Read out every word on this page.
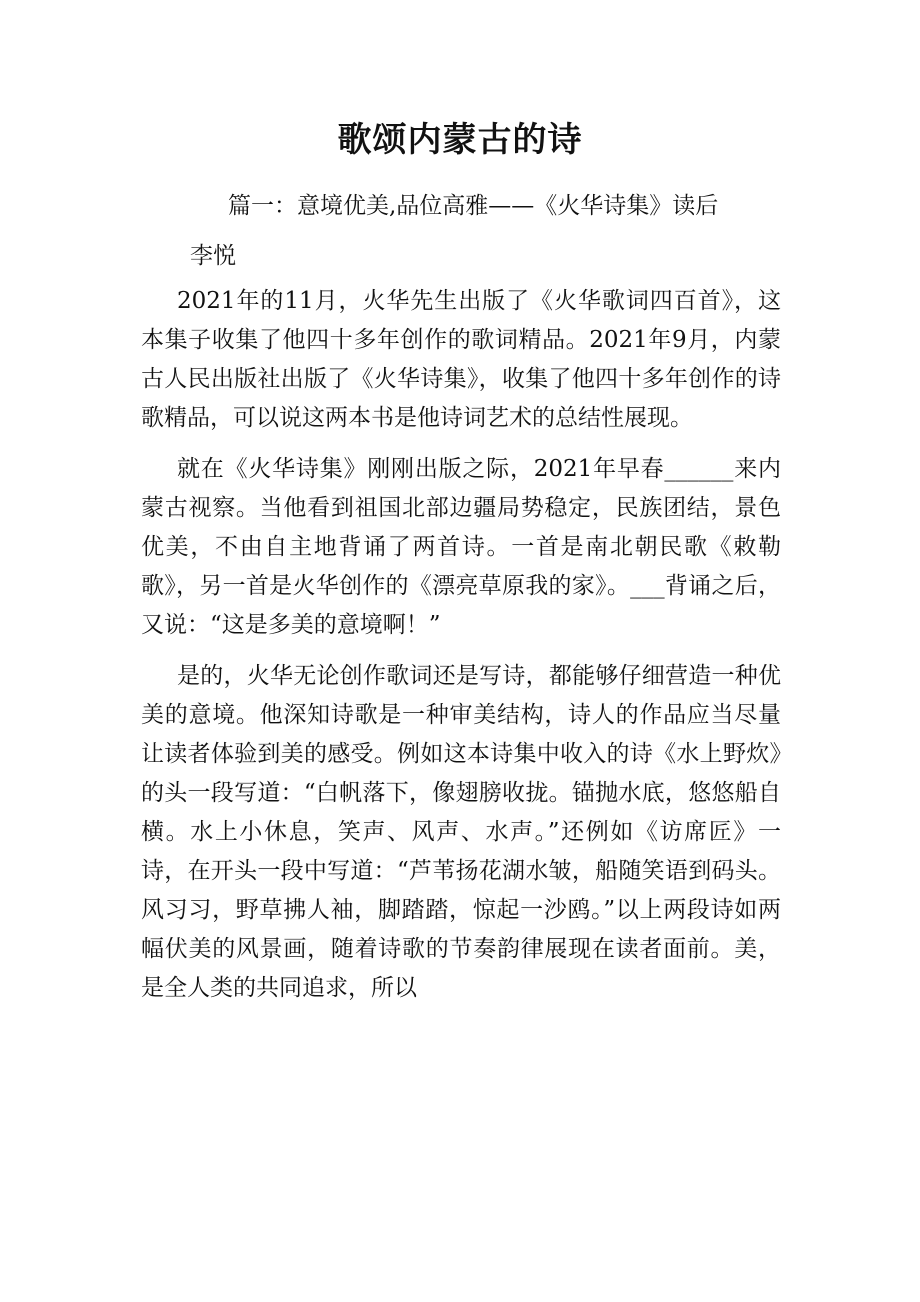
歌颂内蒙古的诗
篇一：意境优美,品位高雅——《火华诗集》读后
李悦

2021年的11月，火华先生出版了《火华歌词四百首》，这本集子收集了他四十多年创作的歌词精品。2021年9月，内蒙古人民出版社出版了《火华诗集》，收集了他四十多年创作的诗歌精品，可以说这两本书是他诗词艺术的总结性展现。

就在《火华诗集》刚刚出版之际，2021年早春______来内蒙古视察。当他看到祖国北部边疆局势稳定，民族团结，景色优美，不由自主地背诵了两首诗。一首是南北朝民歌《敕勒歌》，另一首是火华创作的《漂亮草原我的家》。___背诵之后，又说：“这是多美的意境啊！”

是的，火华无论创作歌词还是写诗，都能够仔细营造一种优美的意境。他深知诗歌是一种审美结构，诗人的作品应当尽量让读者体验到美的感受。例如这本诗集中收入的诗《水上野炊》的头一段写道：“白帆落下，像翅膀收拢。锚抛水底，悠悠船自横。水上小休息，笑声、风声、水声。”还例如《访席匠》一诗，在开头一段中写道：“芦苇扬花湖水皱，船随笑语到码头。风习习，野草拂人袖，脚踏踏，惊起一沙鸥。”以上两段诗如两幅伏美的风景画，随着诗歌的节奏韵律展现在读者面前。美，是全人类的共同追求，所以
